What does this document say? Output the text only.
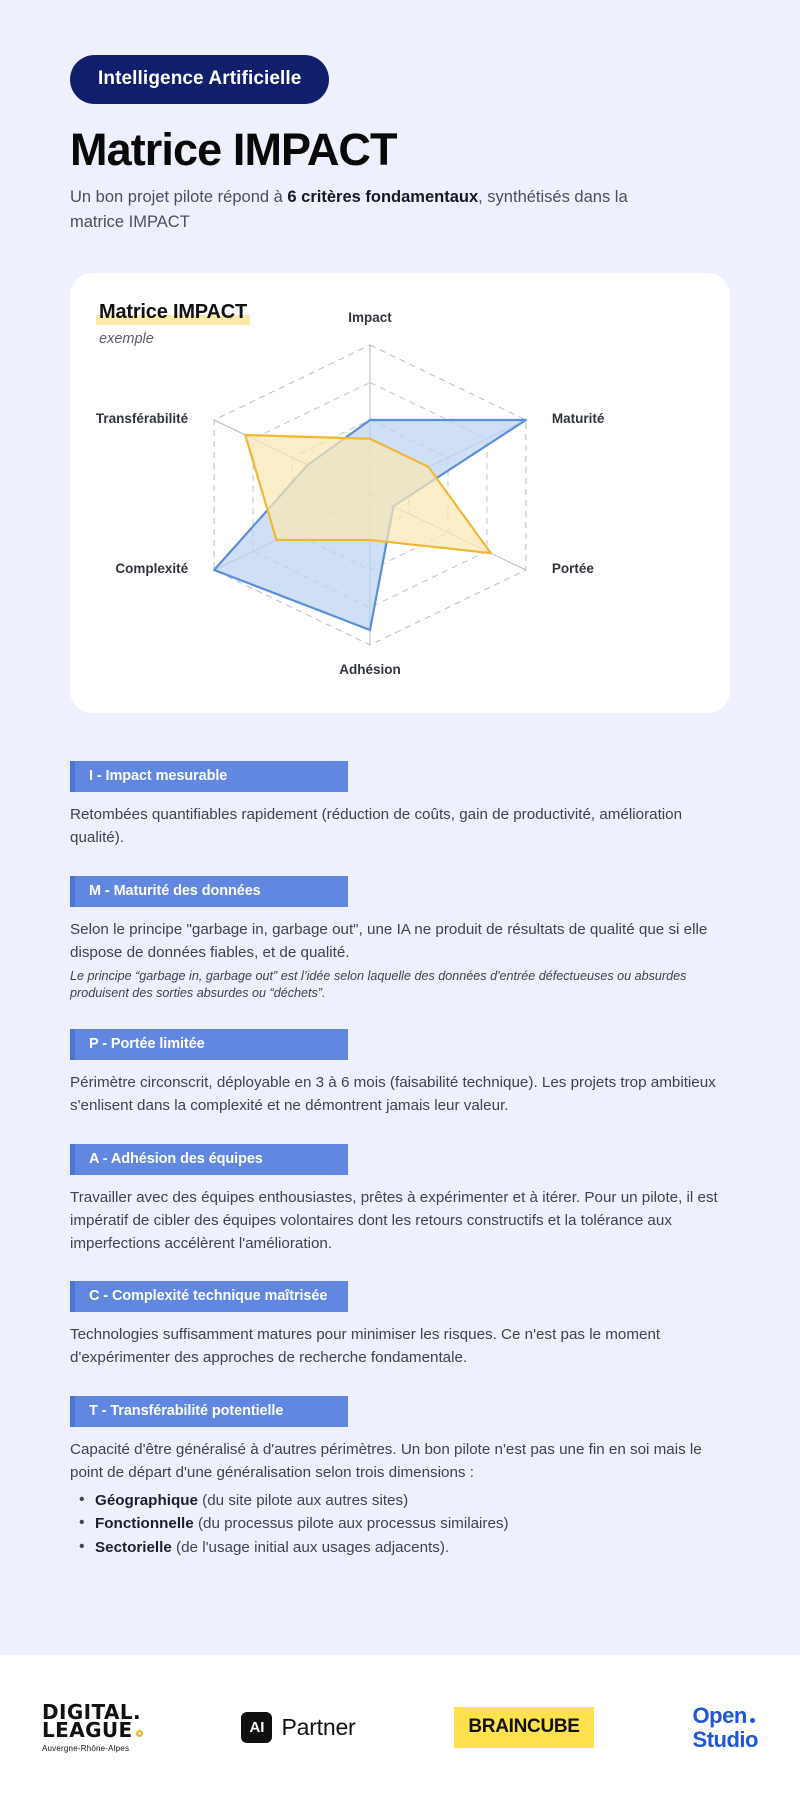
Intelligence Artificielle
Matrice IMPACT

Un bon projet pilote répond à 6 critères fondamentaux, synthétisés dans la matrice IMPACT

Matrice IMPACT
exemple
Impact
Maturité
Portée
Adhésion
Complexité
Transférabilité
I - Impact mesurable
Retombées quantifiables rapidement (réduction de coûts, gain de productivité, amélioration qualité).
M - Maturité des données
Selon le principe "garbage in, garbage out", une IA ne produit de résultats de qualité que si elle dispose de données fiables, et de qualité.
Le principe “garbage in, garbage out” est l’idée selon laquelle des données d'entrée défectueuses ou absurdes produisent des sorties absurdes ou “déchets”.
P - Portée limitée
Périmètre circonscrit, déployable en 3 à 6 mois (faisabilité technique). Les projets trop ambitieux s'enlisent dans la complexité et ne démontrent jamais leur valeur.
A - Adhésion des équipes
Travailler avec des équipes enthousiastes, prêtes à expérimenter et à itérer. Pour un pilote, il est impératif de cibler des équipes volontaires dont les retours constructifs et la tolérance aux imperfections accélèrent l'amélioration.
C - Complexité technique maîtrisée
Technologies suffisamment matures pour minimiser les risques. Ce n'est pas le moment d'expérimenter des approches de recherche fondamentale.
T - Transférabilité potentielle
Capacité d'être généralisé à d'autres périmètres. Un bon pilote n'est pas une fin en soi mais le point de départ d'une généralisation selon trois dimensions :
• Géographique (du site pilote aux autres sites)
• Fonctionnelle (du processus pilote aux processus similaires)
• Sectorielle (de l'usage initial aux usages adjacents).
DIGITAL.
LEAGUE
Auvergne-Rhône-Alpes
AI Partner	BRAIN CUBE	Open
Studio
